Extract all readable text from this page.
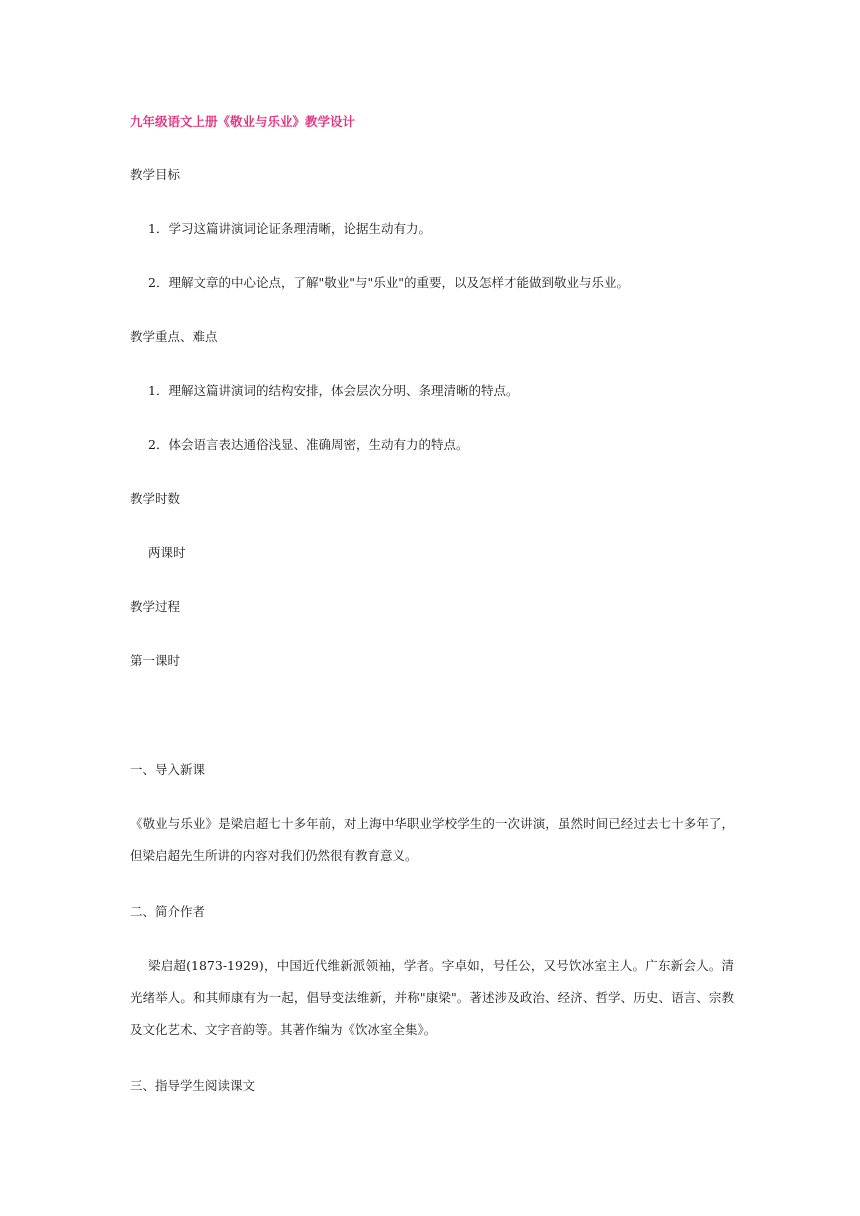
九年级语文上册《敬业与乐业》教学设计
教学目标
1．学习这篇讲演词论证条理清晰，论据生动有力。
2．理解文章的中心论点，了解"敬业"与"乐业"的重要，以及怎样才能做到敬业与乐业。
教学重点、难点
1．理解这篇讲演词的结构安排，体会层次分明、条理清晰的特点。
2．体会语言表达通俗浅显、准确周密，生动有力的特点。
教学时数
两课时
教学过程
第一课时
一、导入新课
《敬业与乐业》是梁启超七十多年前，对上海中华职业学校学生的一次讲演，虽然时间已经过去七十多年了，但梁启超先生所讲的内容对我们仍然很有教育意义。
二、简介作者
梁启超(1873-1929)，中国近代维新派领袖，学者。字卓如，号任公，又号饮冰室主人。广东新会人。清光绪举人。和其师康有为一起，倡导变法维新，并称"康梁"。著述涉及政治、经济、哲学、历史、语言、宗教及文化艺术、文字音韵等。其著作编为《饮冰室全集》。
三、指导学生阅读课文
